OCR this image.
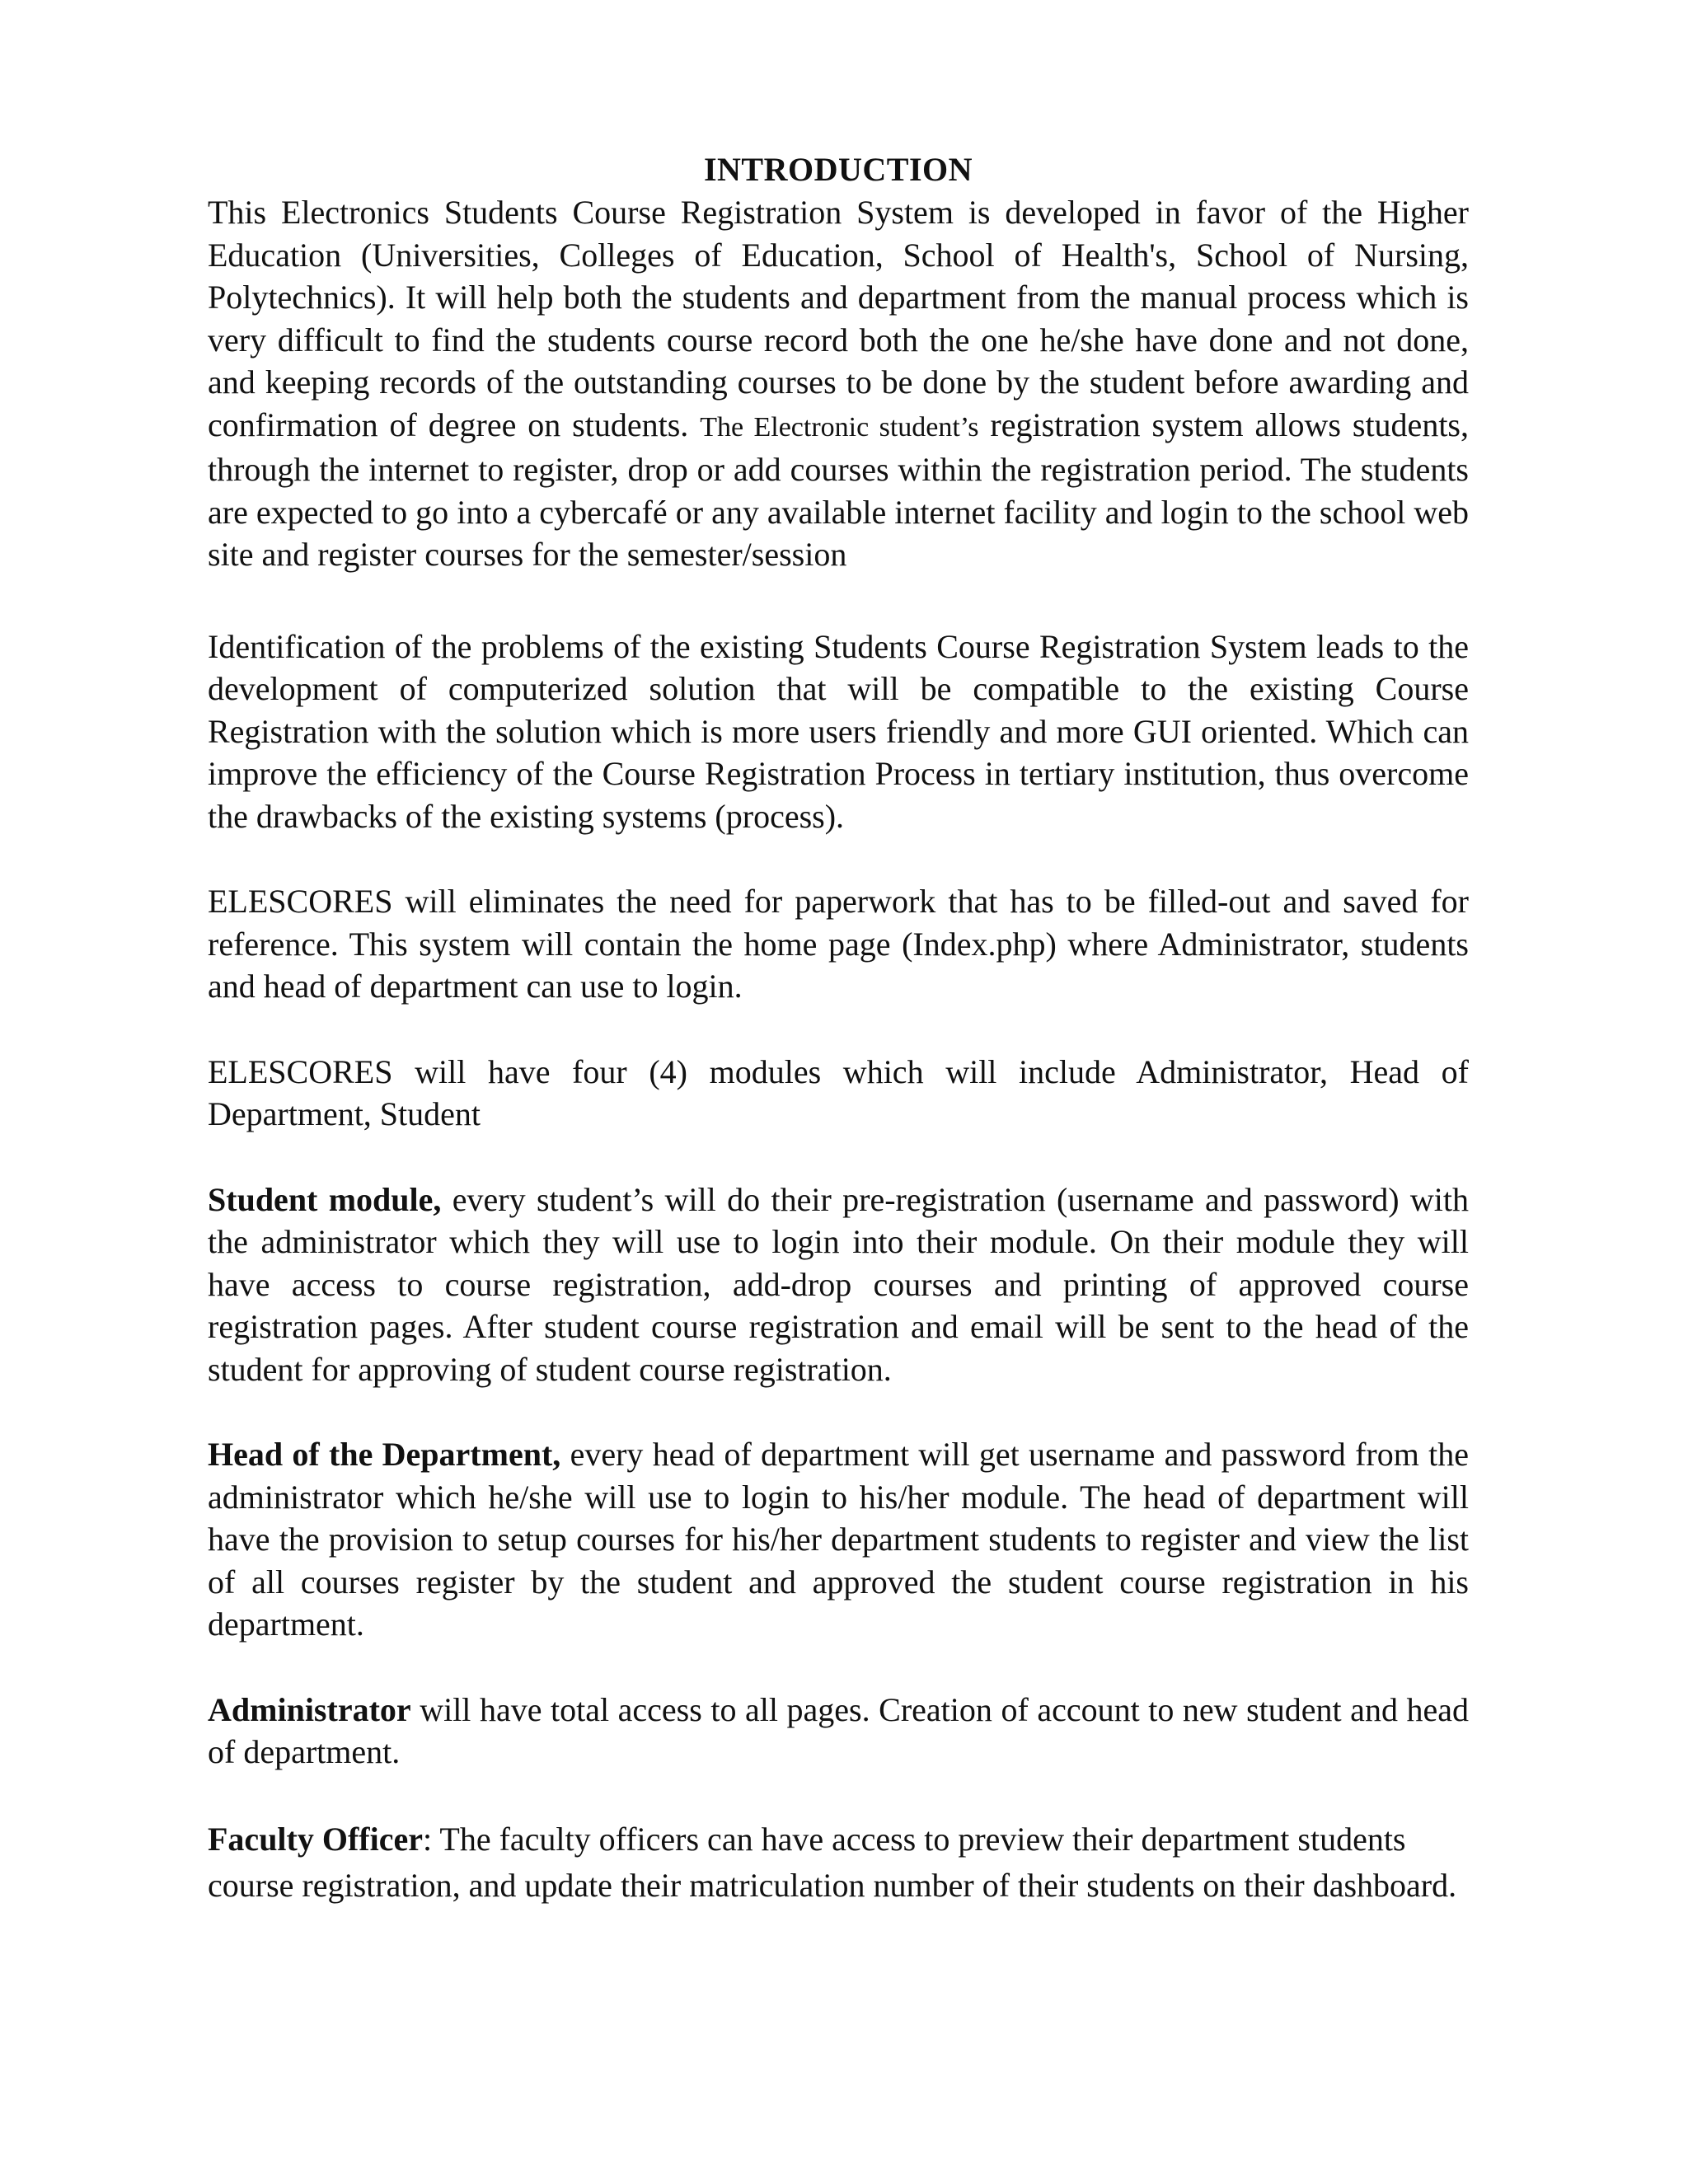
INTRODUCTION

This Electronics Students Course Registration System is developed in favor of the Higher Education (Universities, Colleges of Education, School of Health's, School of Nursing, Polytechnics). It will help both the students and department from the manual process which is very difficult to find the students course record both the one he/she have done and not done, and keeping records of the outstanding courses to be done by the student before awarding and confirmation of degree on students. The Electronic student’s registration system allows students, through the internet to register, drop or add courses within the registration period. The students are expected to go into a cybercafé or any available internet facility and login to the school web site and register courses for the semester/session

Identification of the problems of the existing Students Course Registration System leads to the development of computerized solution that will be compatible to the existing Course Registration with the solution which is more users friendly and more GUI oriented. Which can improve the efficiency of the Course Registration Process in tertiary institution, thus overcome the drawbacks of the existing systems (process).

ELESCORES will eliminates the need for paperwork that has to be filled-out and saved for reference. This system will contain the home page (Index.php) where Administrator, students and head of department can use to login.

ELESCORES will have four (4) modules which will include Administrator, Head of Department, Student

Student module, every student’s will do their pre-registration (username and password) with the administrator which they will use to login into their module. On their module they will have access to course registration, add-drop courses and printing of approved course registration pages. After student course registration and email will be sent to the head of the student for approving of student course registration.

Head of the Department, every head of department will get username and password from the administrator which he/she will use to login to his/her module. The head of department will have the provision to setup courses for his/her department students to register and view the list of all courses register by the student and approved the student course registration in his department.

Administrator will have total access to all pages. Creation of account to new student and head of department.

Faculty Officer: The faculty officers can have access to preview their department students course registration, and update their matriculation number of their students on their dashboard.
